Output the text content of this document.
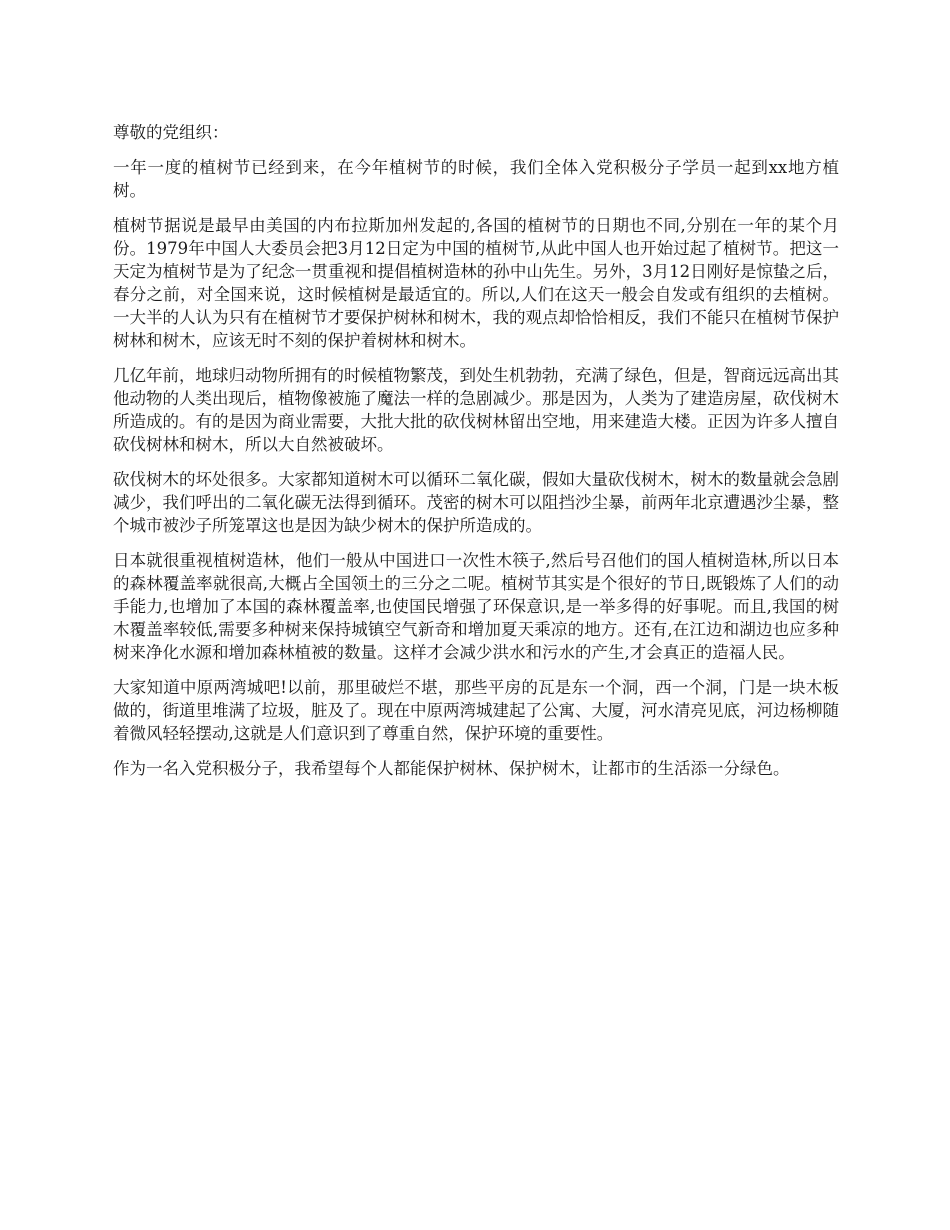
尊敬的党组织：

一年一度的植树节已经到来，在今年植树节的时候，我们全体入党积极分子学员一起到xx地方植树。

植树节据说是最早由美国的内布拉斯加州发起的,各国的植树节的日期也不同,分别在一年的某个月份。1979年中国人大委员会把3月12日定为中国的植树节,从此中国人也开始过起了植树节。把这一天定为植树节是为了纪念一贯重视和提倡植树造林的孙中山先生。另外，3月12日刚好是惊蛰之后，春分之前，对全国来说，这时候植树是最适宜的。所以,人们在这天一般会自发或有组织的去植树。一大半的人认为只有在植树节才要保护树林和树木，我的观点却恰恰相反，我们不能只在植树节保护树林和树木，应该无时不刻的保护着树林和树木。

几亿年前，地球归动物所拥有的时候植物繁茂，到处生机勃勃，充满了绿色，但是，智商远远高出其他动物的人类出现后，植物像被施了魔法一样的急剧减少。那是因为，人类为了建造房屋，砍伐树木所造成的。有的是因为商业需要，大批大批的砍伐树林留出空地，用来建造大楼。正因为许多人擅自砍伐树林和树木，所以大自然被破坏。

砍伐树木的坏处很多。大家都知道树木可以循环二氧化碳，假如大量砍伐树木，树木的数量就会急剧减少，我们呼出的二氧化碳无法得到循环。茂密的树木可以阻挡沙尘暴，前两年北京遭遇沙尘暴，整个城市被沙子所笼罩这也是因为缺少树木的保护所造成的。

日本就很重视植树造林，他们一般从中国进口一次性木筷子,然后号召他们的国人植树造林,所以日本的森林覆盖率就很高,大概占全国领土的三分之二呢。植树节其实是个很好的节日,既锻炼了人们的动手能力,也增加了本国的森林覆盖率,也使国民增强了环保意识,是一举多得的好事呢。而且,我国的树木覆盖率较低,需要多种树来保持城镇空气新奇和增加夏天乘凉的地方。还有,在江边和湖边也应多种树来净化水源和增加森林植被的数量。这样才会减少洪水和污水的产生,才会真正的造福人民。

大家知道中原两湾城吧!以前，那里破烂不堪，那些平房的瓦是东一个洞，西一个洞，门是一块木板做的，街道里堆满了垃圾，脏及了。现在中原两湾城建起了公寓、大厦，河水清亮见底，河边杨柳随着微风轻轻摆动,这就是人们意识到了尊重自然，保护环境的重要性。

作为一名入党积极分子，我希望每个人都能保护树林、保护树木，让都市的生活添一分绿色。
